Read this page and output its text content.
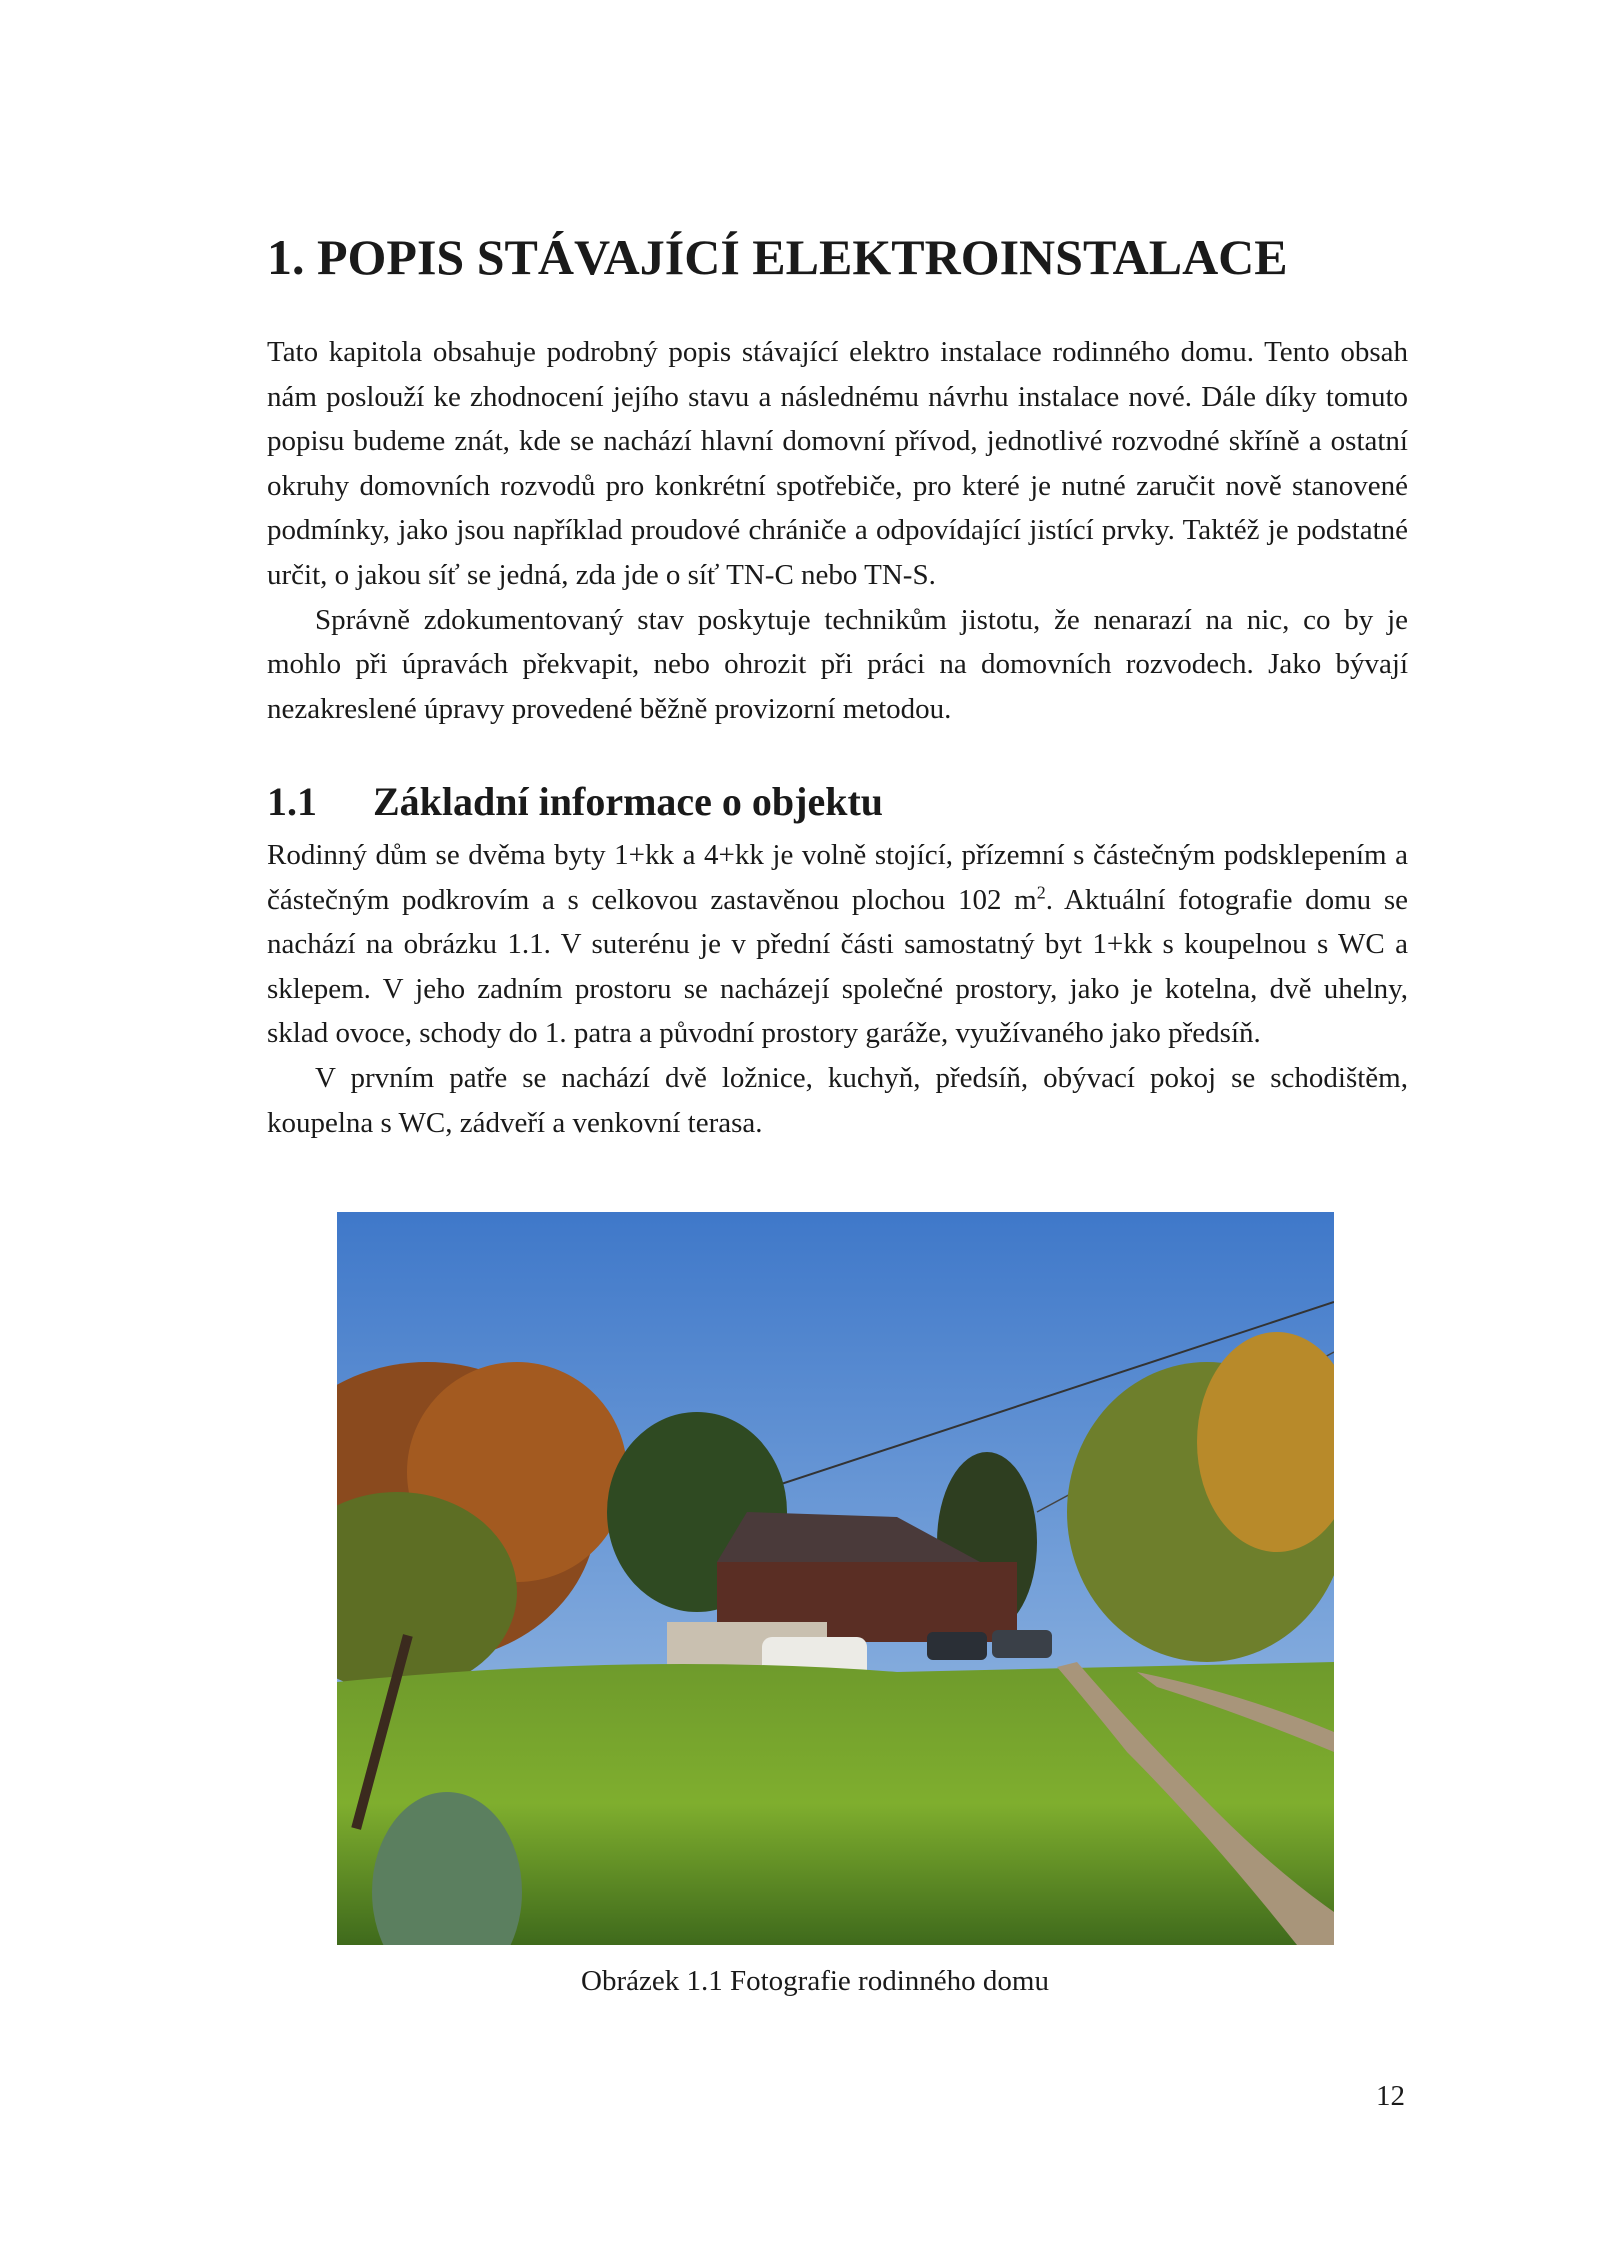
1. POPIS STÁVAJÍCÍ ELEKTROINSTALACE

Tato kapitola obsahuje podrobný popis stávající elektro instalace rodinného domu. Tento obsah nám poslouží ke zhodnocení jejího stavu a následnému návrhu instalace nové. Dále díky tomuto popisu budeme znát, kde se nachází hlavní domovní přívod, jednotlivé rozvodné skříně a ostatní okruhy domovních rozvodů pro konkrétní spotřebiče, pro které je nutné zaručit nově stanovené podmínky, jako jsou například proudové chrániče a odpovídající jistící prvky. Taktéž je podstatné určit, o jakou síť se jedná, zda jde o síť TN-C nebo TN-S.

Správně zdokumentovaný stav poskytuje technikům jistotu, že nenarazí na nic, co by je mohlo při úpravách překvapit, nebo ohrozit při práci na domovních rozvodech. Jako bývají nezakreslené úpravy provedené běžně provizorní metodou.

1.1 Základní informace o objektu

Rodinný dům se dvěma byty 1+kk a 4+kk je volně stojící, přízemní s částečným podsklepením a částečným podkrovím a s celkovou zastavěnou plochou 102 $m^2$. Aktuální fotografie domu se nachází na obrázku 1.1. V suterénu je v přední části samostatný byt 1+kk s koupelnou s WC a sklepem. V jeho zadním prostoru se nacházejí společné prostory, jako je kotelna, dvě uhelny, sklad ovoce, schody do 1. patra a původní prostory garáže, využívaného jako předsíň.

V prvním patře se nachází dvě ložnice, kuchyň, předsíň, obývací pokoj se schodištěm, koupelna s WC, zádveří a venkovní terasa.

Obrázek 1.1 Fotografie rodinného domu
12
